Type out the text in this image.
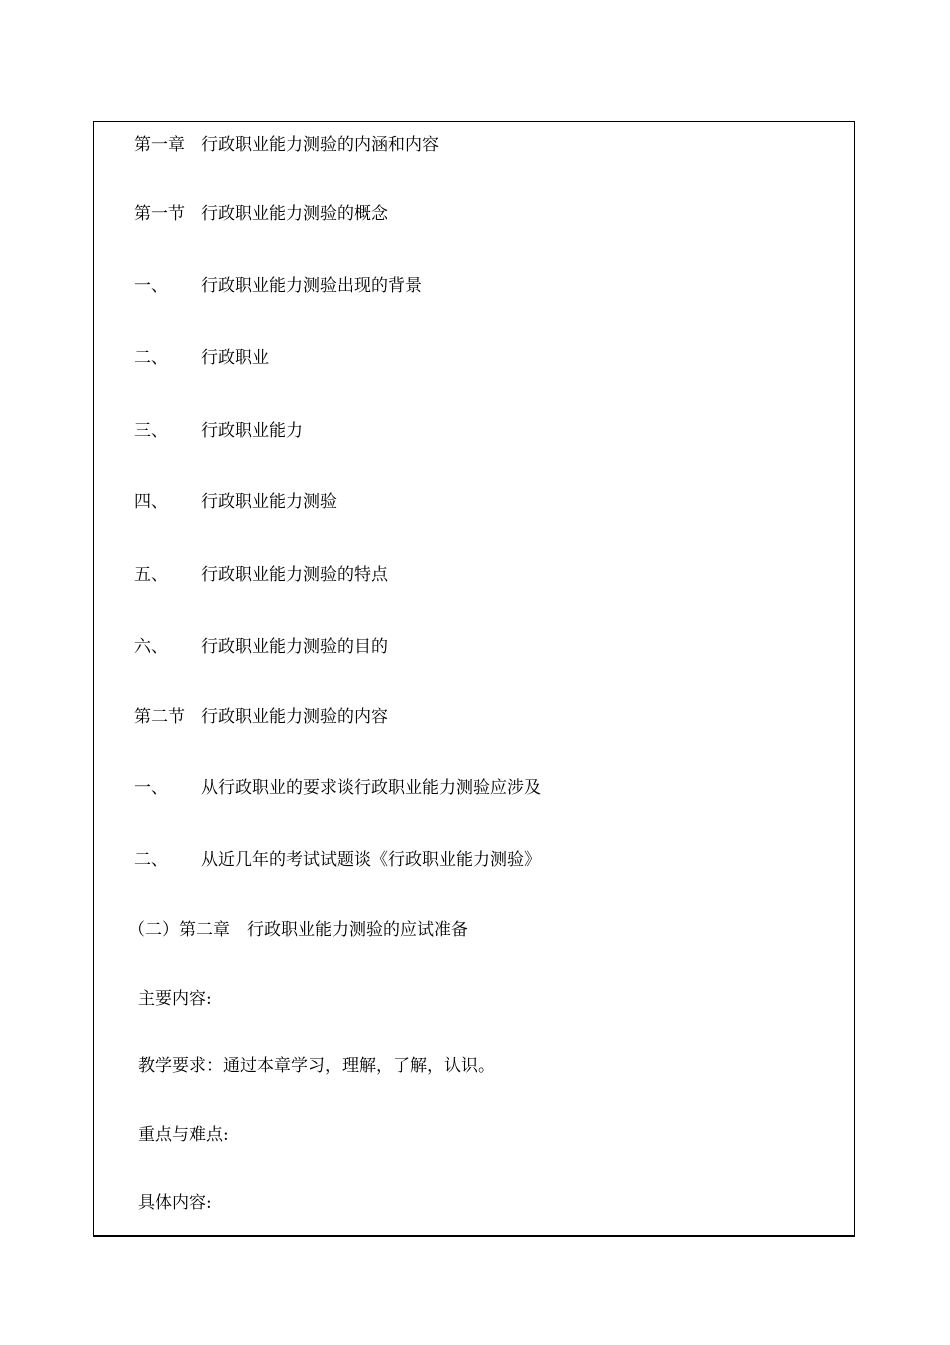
第一章 行政职业能力测验的内涵和内容
第一节 行政职业能力测验的概念
一、 行政职业能力测验出现的背景
二、 行政职业
三、 行政职业能力
四、 行政职业能力测验
五、 行政职业能力测验的特点
六、 行政职业能力测验的目的
第二节 行政职业能力测验的内容
一、 从行政职业的要求谈行政职业能力测验应涉及
二、 从近几年的考试试题谈《行政职业能力测验》
（二）第二章　行政职业能力测验的应试准备
主要内容:
教学要求：通过本章学习，理解，了解，认识。
重点与难点:
具体内容:
